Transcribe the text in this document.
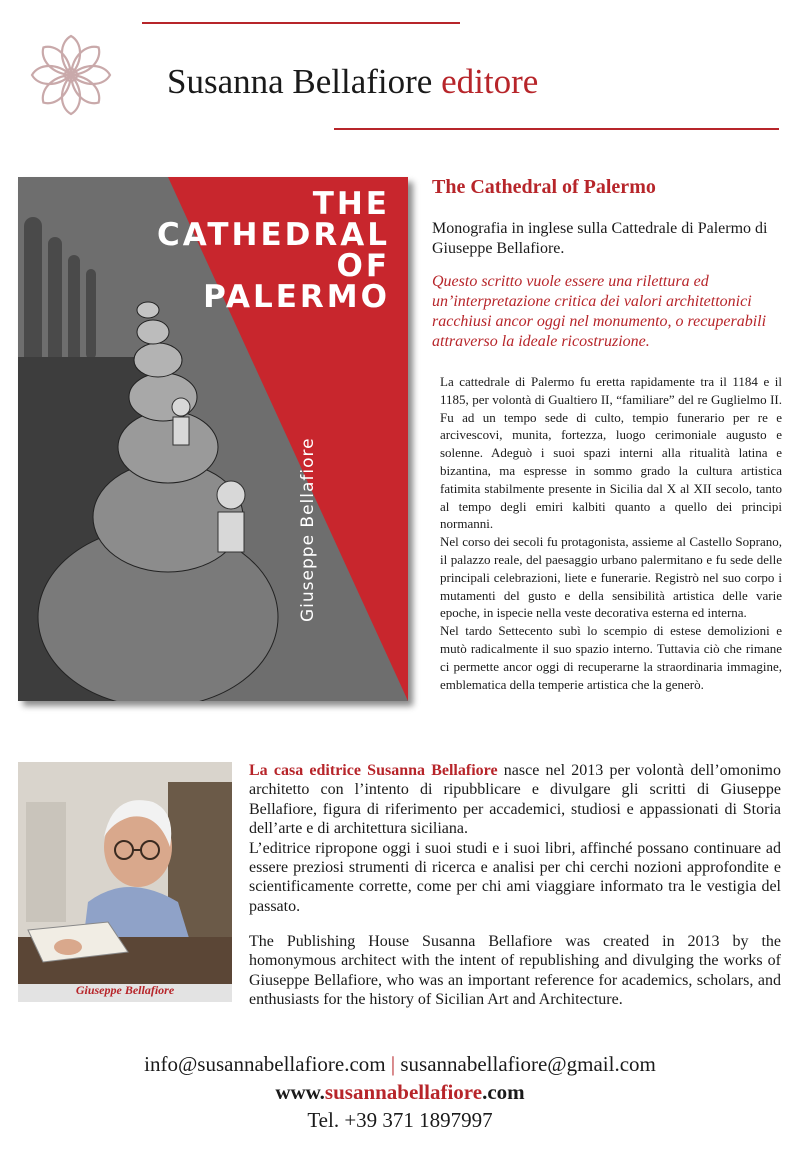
Susanna Bellafiore editore
THE
CATHEDRAL
OF
PALERMO
Giuseppe Bellafiore
The Cathedral of Palermo
Monografia in inglese sulla Cattedrale di Palermo di Giuseppe Bellafiore.
Questo scritto vuole essere una rilettura ed un’interpretazione critica dei valori architettonici racchiusi ancor oggi nel monumento, o recuperabili attraverso la ideale ricostruzione.

La cattedrale di Palermo fu eretta rapidamente tra il 1184 e il 1185, per volontà di Gualtiero II, “familiare” del re Guglielmo II. Fu ad un tempo sede di culto, tempio funerario per re e arcivescovi, munita, fortezza, luogo cerimoniale augusto e solenne. Adeguò i suoi spazi interni alla ritualità latina e bizantina, ma espresse in sommo grado la cultura artistica fatimita stabilmente presente in Sicilia dal X al XII secolo, tanto al tempo degli emiri kalbiti quanto a quello dei principi normanni.

Nel corso dei secoli fu protagonista, assieme al Castello Soprano, il palazzo reale, del paesaggio urbano palermitano e fu sede delle principali celebrazioni, liete e funerarie. Registrò nel suo corpo i mutamenti del gusto e della sensibilità artistica delle varie epoche, in ispecie nella veste decorativa esterna ed interna.

Nel tardo Settecento subì lo scempio di estese demolizioni e mutò radicalmente il suo spazio interno. Tuttavia ciò che rimane ci permette ancor oggi di recuperarne la straordinaria immagine, emblematica della temperie artistica che la generò.

Giuseppe Bellafiore

La casa editrice Susanna Bellafiore nasce nel 2013 per volontà dell’omonimo architetto con l’intento di ripubblicare e divulgare gli scritti di Giuseppe Bellafiore, figura di riferimento per accademici, studiosi e appassionati di Storia dell’arte e di architettura siciliana.

L’editrice ripropone oggi i suoi studi e i suoi libri, affinché possano continuare ad essere preziosi strumenti di ricerca e analisi per chi cerchi nozioni approfondite e scientificamente corrette, come per chi ami viaggiare informato tra le vestigia del passato.

The Publishing House Susanna Bellafiore was created in 2013 by the homonymous architect with the intent of republishing and divulging the works of Giuseppe Bellafiore, who was an important reference for academics, scholars, and enthusiasts for the history of Sicilian Art and Architecture.
info@susannabellafiore.com | susannabellafiore@gmail.com
www.susannabellafiore.com
Tel. +39 371 1897997
